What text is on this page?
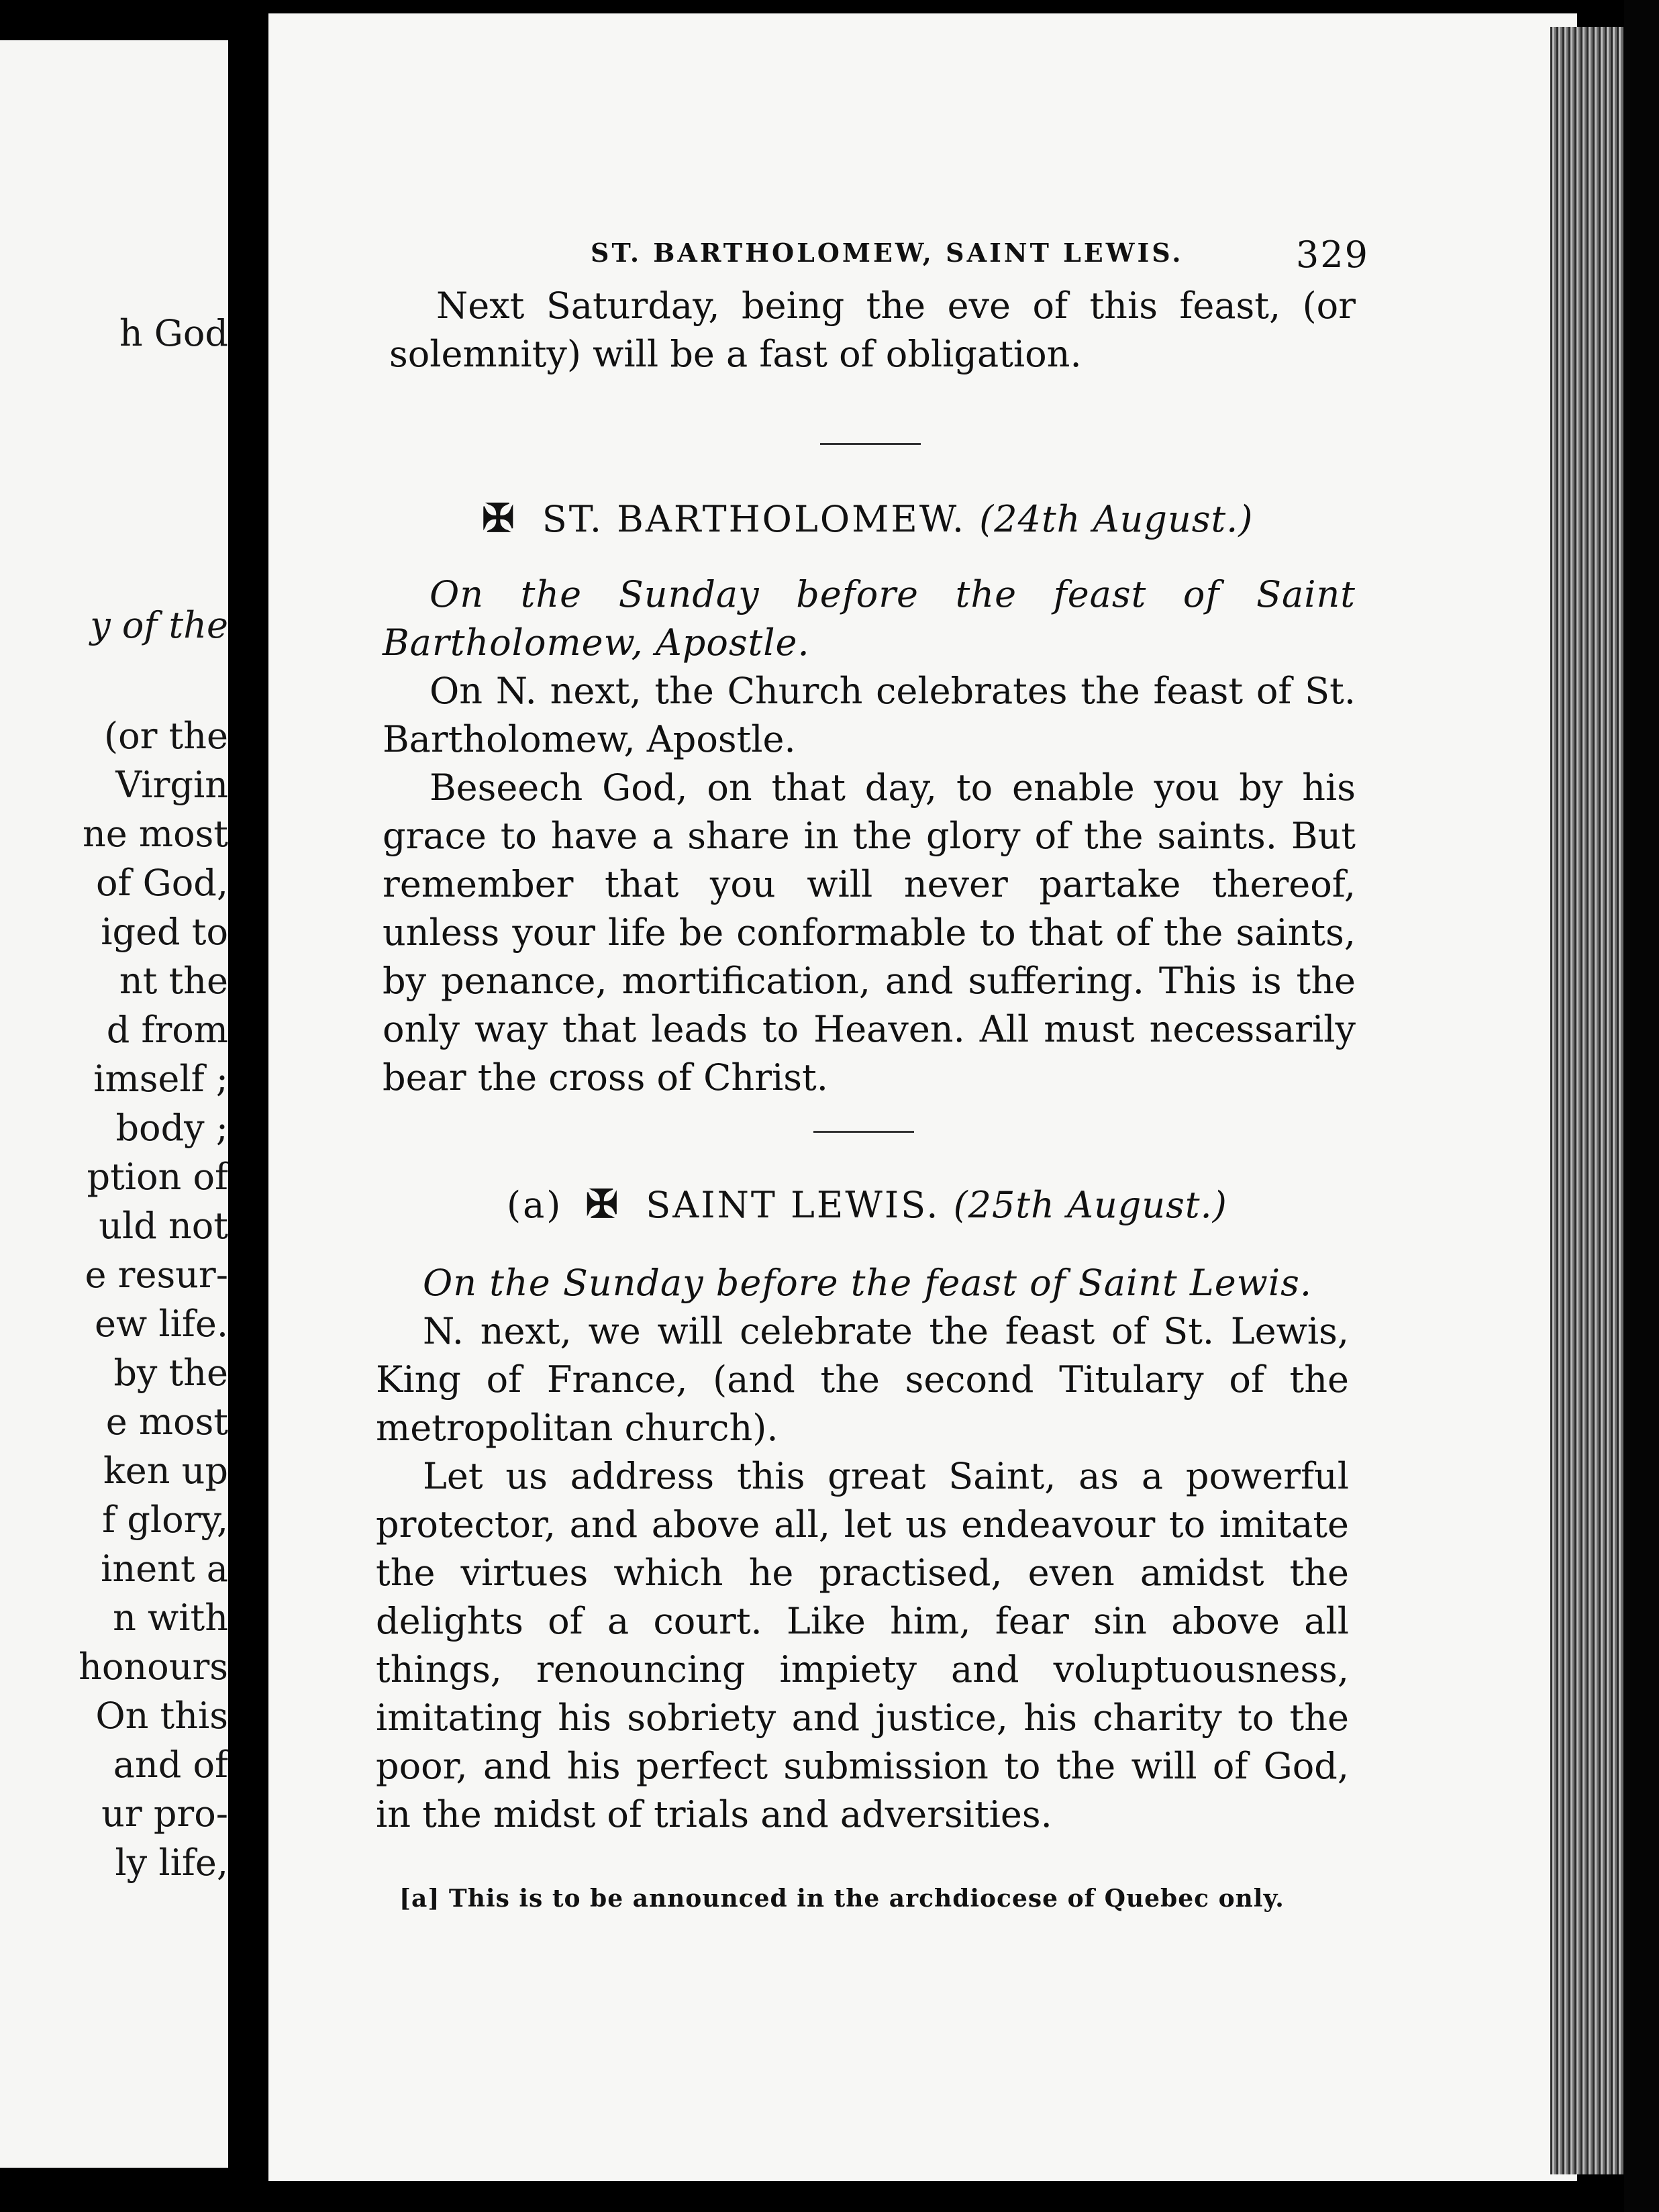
h God
y of the
(or the
Virgin
ne most
of God,
iged to
nt the
d from
imself ;
body ;
ption of
uld not
e resur-
ew life.
by the
e most
ken up
f glory,
inent a
n with
honours
On this
and of
ur pro-
ly life,
ST. BARTHOLOMEW, SAINT LEWIS.	329

Next Saturday, being the eve of this feast, (or solemnity) will be a fast of obligation.

✠ ST. BARTHOLOMEW. (24th August.)

On the Sunday before the feast of Saint Bartholomew, Apostle.

On N. next, the Church celebrates the feast of St. Bartholomew, Apostle.

Beseech God, on that day, to enable you by his grace to have a share in the glory of the saints. But remember that you will never partake thereof, unless your life be conformable to that of the saints, by penance, mortification, and suffering. This is the only way that leads to Heaven. All must necessarily bear the cross of Christ.

(a) ✠ SAINT LEWIS. (25th August.)

On the Sunday before the feast of Saint Lewis.

N. next, we will celebrate the feast of St. Lewis, King of France, (and the second Titulary of the metropolitan church).

Let us address this great Saint, as a powerful protector, and above all, let us endeavour to imitate the virtues which he practised, even amidst the delights of a court. Like him, fear sin above all things, renouncing impiety and voluptuousness, imitating his sobriety and justice, his charity to the poor, and his perfect submission to the will of God, in the midst of trials and adversities.

[a] This is to be announced in the archdiocese of Quebec only.
